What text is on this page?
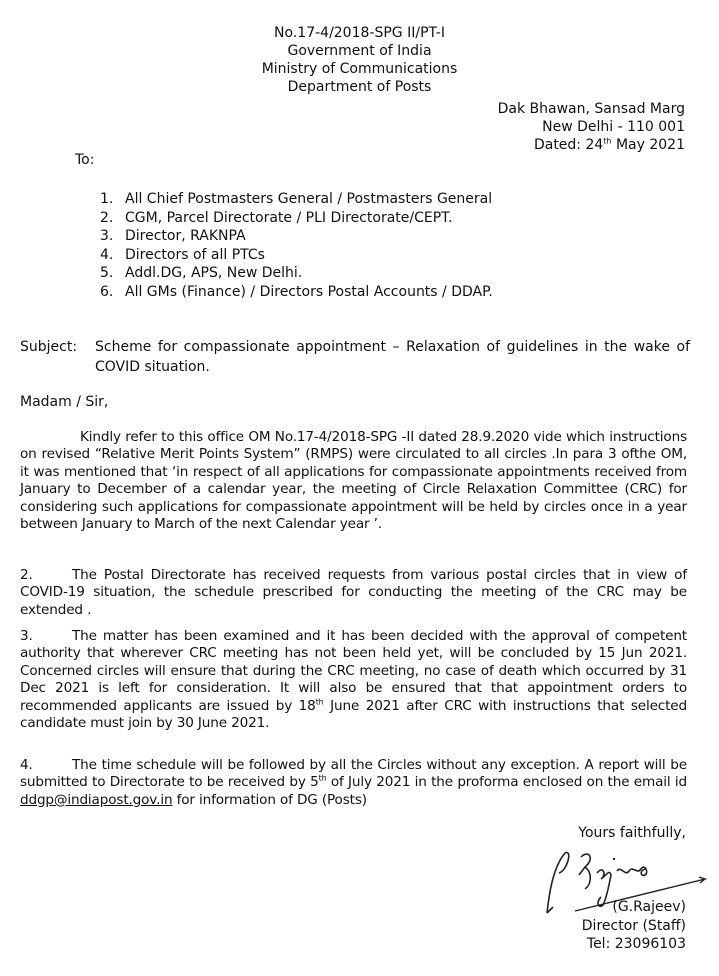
No.17-4/2018-SPG II/PT-I
Government of India
Ministry of Communications
Department of Posts
Dak Bhawan, Sansad Marg
New Delhi - 110 001
Dated: 24th May 2021
To:
1. All Chief Postmasters General / Postmasters General
2. CGM, Parcel Directorate / PLI Directorate/CEPT.
3. Director, RAKNPA
4. Directors of all PTCs
5. Addl.DG, APS, New Delhi.
6. All GMs (Finance) / Directors Postal Accounts / DDAP.
Subject:	Scheme for compassionate appointment – Relaxation of guidelines in the wake of COVID situation.
Madam / Sir,
Kindly refer to this office OM No.17-4/2018-SPG -II dated 28.9.2020 vide which instructions on revised “Relative Merit Points System” (RMPS) were circulated to all circles .In para 3 ofthe OM, it was mentioned that ‘in respect of all applications for compassionate appointments received from January to December of a calendar year, the meeting of Circle Relaxation Committee (CRC) for considering such applications for compassionate appointment will be held by circles once in a year between January to March of the next Calendar year ’.
2.	The Postal Directorate has received requests from various postal circles that in view of COVID-19 situation, the schedule prescribed for conducting the meeting of the CRC may be extended .
3.	The matter has been examined and it has been decided with the approval of competent authority that wherever CRC meeting has not been held yet, will be concluded by 15 Jun 2021. Concerned circles will ensure that during the CRC meeting, no case of death which occurred by 31 Dec 2021 is left for consideration. It will also be ensured that that appointment orders to recommended applicants are issued by 18th June 2021 after CRC with instructions that selected candidate must join by 30 June 2021.
4.	The time schedule will be followed by all the Circles without any exception. A report will be submitted to Directorate to be received by 5th of July 2021 in the proforma enclosed on the email id ddgp@indiapost.gov.in for information of DG (Posts)
Yours faithfully,
(G.Rajeev)
Director (Staff)
Tel: 23096103
